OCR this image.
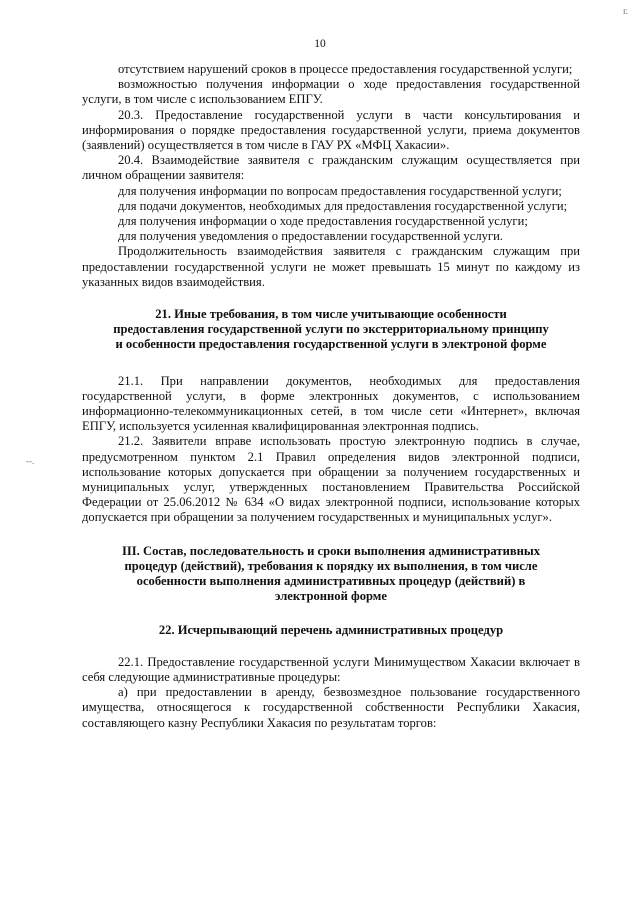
г.
--.
10

отсутствием нарушений сроков в процессе предоставления государственной услуги;

возможностью получения информации о ходе предоставления государственной услуги, в том числе с использованием ЕПГУ.

20.3. Предоставление государственной услуги в части консультирования и информирования о порядке предоставления государственной услуги, приема документов (заявлений) осуществляется в том числе в ГАУ РХ «МФЦ Хакасии».

20.4. Взаимодействие заявителя с гражданским служащим осуществляется при личном обращении заявителя:

для получения информации по вопросам предоставления государственной услуги;

для подачи документов, необходимых для предоставления государственной услуги;

для получения информации о ходе предоставления государственной услуги;

для получения уведомления о предоставлении государственной услуги.

Продолжительность взаимодействия заявителя с гражданским служащим при предоставлении государственной услуги не может превышать 15 минут по каждому из указанных видов взаимодействия.

21. Иные требования, в том числе учитывающие особенности предоставления государственной услуги по экстерриториальному принципу и особенности предоставления государственной услуги в электроной форме

21.1. При направлении документов, необходимых для предоставления государственной услуги, в форме электронных документов, с использованием информационно-телекоммуникационных сетей, в том числе сети «Интернет», включая ЕПГУ, используется усиленная квалифицированная электронная подпись.

21.2. Заявители вправе использовать простую электронную подпись в случае, предусмотренном пунктом 2.1 Правил определения видов электронной подписи, использование которых допускается при обращении за получением государственных и муниципальных услуг, утвержденных постановлением Правительства Российской Федерации от 25.06.2012 № 634 «О видах электронной подписи, использование которых допускается при обращении за получением государственных и муниципальных услуг».

III. Состав, последовательность и сроки выполнения административных процедур (действий), требования к порядку их выполнения, в том числе особенности выполнения административных процедур (действий) в электронной форме

22. Исчерпывающий перечень административных процедур

22.1. Предоставление государственной услуги Минимуществом Хакасии включает в себя следующие административные процедуры:

а) при предоставлении в аренду, безвозмездное пользование государственного имущества, относящегося к государственной собственности Республики Хакасия, составляющего казну Республики Хакасия по результатам торгов:
